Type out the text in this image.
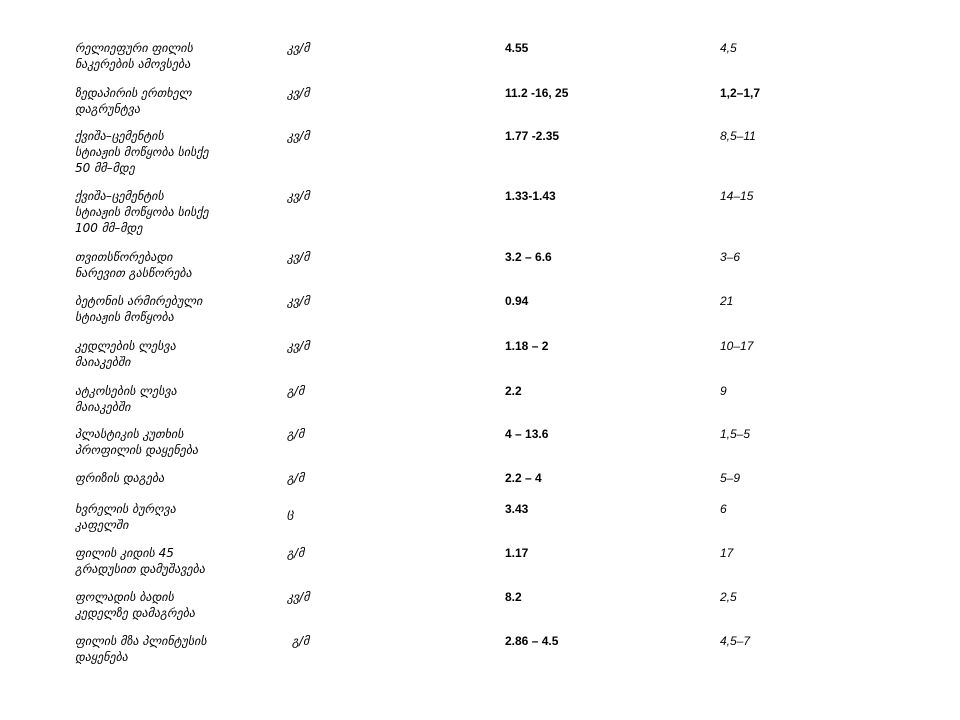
რელიეფური ფილის
ნაკერების ამოვსება
კვ/მ	4.55	4,5
ზედაპირის ერთხელ
დაგრუნტვა
კვ/მ	11.2 -16, 25	1,2–1,7
ქვიშა–ცემენტის
სტიაჟის მოწყობა სისქე
50 მმ–მდე
კვ/მ	1.77 -2.35	8,5–11
ქვიშა–ცემენტის
სტიაჟის მოწყობა სისქე
100 მმ–მდე
კვ/მ	1.33-1.43	14–15
თვითსწორებადი
ნარევით გასწორება
კვ/მ	3.2 – 6.6	3–6
ბეტონის არმირებული
სტიაჟის მოწყობა
კვ/მ	0.94	21
კედლების ლესვა
მაიაკებში
კვ/მ	1.18 – 2	10–17
ატკოსების ლესვა
მაიაკებში
გ/მ	2.2	9
პლასტიკის კუთხის
პროფილის დაყენება
გ/მ	4 – 13.6	1,5–5
ფრიზის დაგება	გ/მ	2.2 – 4	5–9
ხვრელის ბურღვა
კაფელში
ც	3.43	6
ფილის კიდის 45
გრადუსით დამუშავება
გ/მ	1.17	17
ფოლადის ბადის
კედელზე დამაგრება
კვ/მ	8.2	2,5
ფილის მზა პლინტუსის
დაყენება
გ/მ	2.86 – 4.5	4,5–7
